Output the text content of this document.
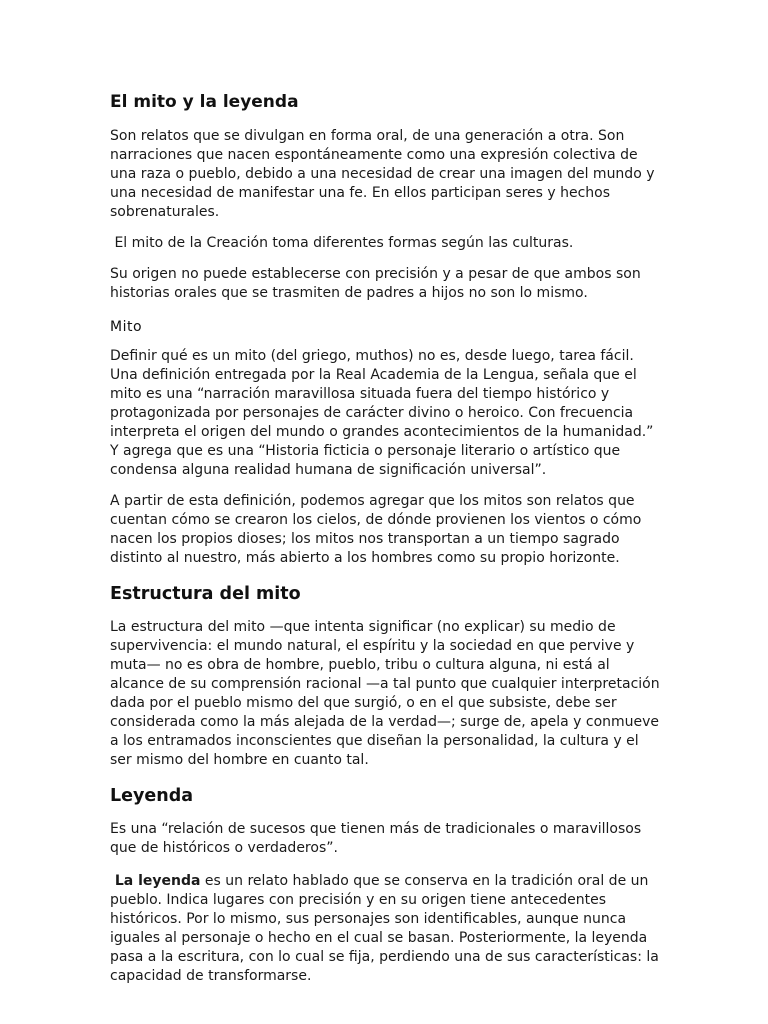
El mito y la leyenda

Son relatos que se divulgan en forma oral, de una generación a otra. Son narraciones que nacen espontáneamente como una expresión colectiva de una raza o pueblo, debido a una necesidad de crear una imagen del mundo y una necesidad de manifestar una fe. En ellos participan seres y hechos sobrenaturales.

El mito de la Creación toma diferentes formas según las culturas.

Su origen no puede establecerse con precisión y a pesar de que ambos son historias orales que se trasmiten de padres a hijos no son lo mismo.

Mito

Definir qué es un mito (del griego, muthos) no es, desde luego, tarea fácil. Una definición entregada por la Real Academia de la Lengua, señala que el mito es una “narración maravillosa situada fuera del tiempo histórico y protagonizada por personajes de carácter divino o heroico. Con frecuencia interpreta el origen del mundo o grandes acontecimientos de la humanidad.” Y agrega que es una “Historia ficticia o personaje literario o artístico que condensa alguna realidad humana de significación universal”.

A partir de esta definición, podemos agregar que los mitos son relatos que cuentan cómo se crearon los cielos, de dónde provienen los vientos o cómo nacen los propios dioses; los mitos nos transportan a un tiempo sagrado distinto al nuestro, más abierto a los hombres como su propio horizonte.

Estructura del mito

La estructura del mito —que intenta significar (no explicar) su medio de supervivencia: el mundo natural, el espíritu y la sociedad en que pervive y muta— no es obra de hombre, pueblo, tribu o cultura alguna, ni está al alcance de su comprensión racional —a tal punto que cualquier interpretación dada por el pueblo mismo del que surgió, o en el que subsiste, debe ser considerada como la más alejada de la verdad—; surge de, apela y conmueve a los entramados inconscientes que diseñan la personalidad, la cultura y el ser mismo del hombre en cuanto tal.

Leyenda

Es una “relación de sucesos que tienen más de tradicionales o maravillosos que de históricos o verdaderos”.

La leyenda es un relato hablado que se conserva en la tradición oral de un pueblo. Indica lugares con precisión y en su origen tiene antecedentes históricos. Por lo mismo, sus personajes son identificables, aunque nunca iguales al personaje o hecho en el cual se basan. Posteriormente, la leyenda pasa a la escritura, con lo cual se fija, perdiendo una de sus características: la capacidad de transformarse.
